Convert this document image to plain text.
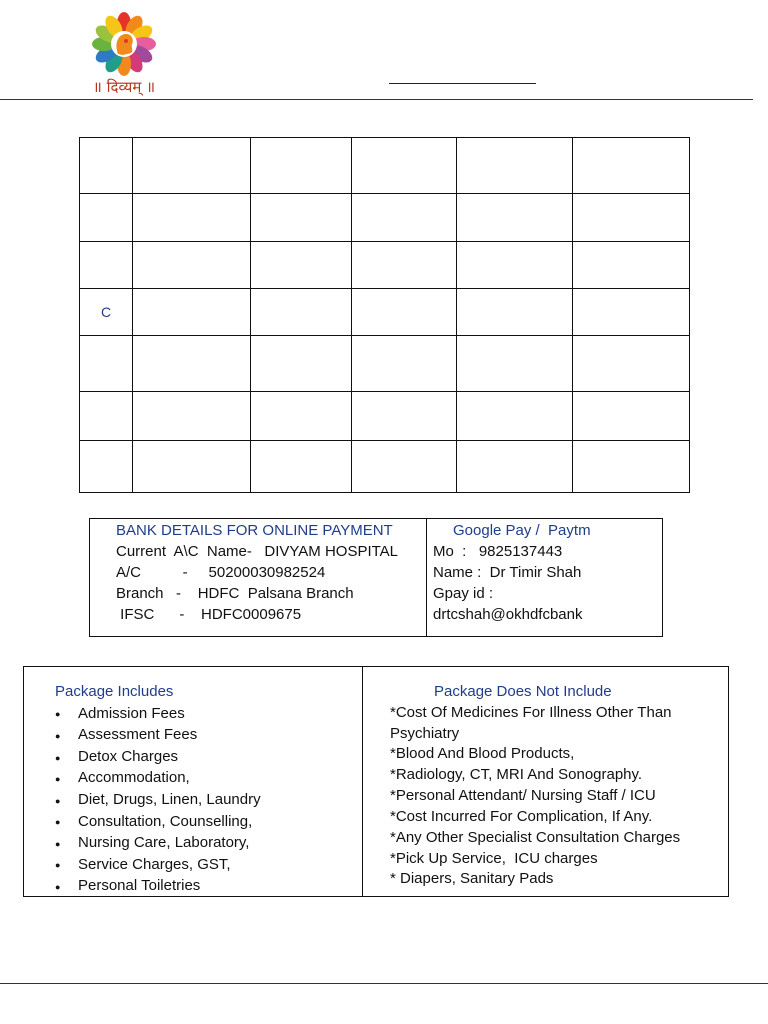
॥ दिव्यम् ॥

C					

BANK DETAILS FOR ONLINE PAYMENT
Current  A\C  Name-   DIVYAM HOSPITAL
A/C          -     50200030982524
Branch   -    HDFC  Palsana Branch
IFSC      -    HDFC0009675
Google Pay /  Paytm
Mo  :   9825137443
Name :  Dr Timir Shah
Gpay id :
drtcshah@okhdfcbank
Package Includes
● Admission Fees
● Assessment Fees
● Detox Charges
● Accommodation,
● Diet, Drugs, Linen, Laundry
● Consultation, Counselling,
● Nursing Care, Laboratory,
● Service Charges, GST,
● Personal Toiletries
Package Does Not Include
*Cost Of Medicines For Illness Other Than
Psychiatry
*Blood And Blood Products,
*Radiology, CT, MRI And Sonography.
*Personal Attendant/ Nursing Staff / ICU
*Cost Incurred For Complication, If Any.
*Any Other Specialist Consultation Charges
*Pick Up Service,  ICU charges
* Diapers, Sanitary Pads
